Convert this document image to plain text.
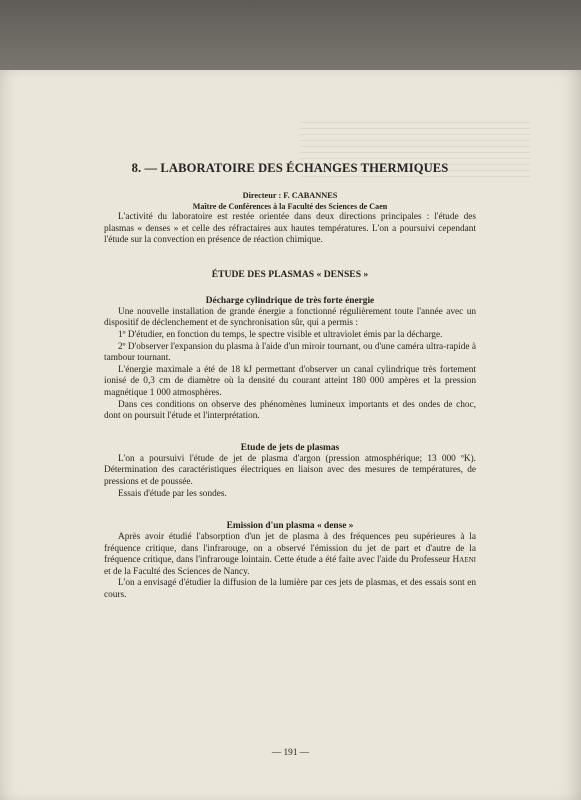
8. — LABORATOIRE DES ÉCHANGES THERMIQUES
Directeur : F. CABANNES
Maître de Conférences à la Faculté des Sciences de Caen

L'activité du laboratoire est restée orientée dans deux directions principales : l'étude des plasmas « denses » et celle des réfractaires aux hautes températures. L'on a poursuivi cependant l'étude sur la convection en présence de réaction chimique.

ÉTUDE DES PLASMAS « DENSES »
Décharge cylindrique de très forte énergie

Une nouvelle installation de grande énergie a fonctionné régulièrement toute l'année avec un dispositif de déclenchement et de synchronisation sûr, qui a permis :

1º D'étudier, en fonction du temps, le spectre visible et ultraviolet émis par la décharge.

2º D'observer l'expansion du plasma à l'aide d'un miroir tournant, ou d'une caméra ultra-rapide à tambour tournant.

L'énergie maximale a été de 18 kJ permettant d'observer un canal cylindrique très fortement ionisé de 0,3 cm de diamètre où la densité du courant atteint 180 000 ampères et la pression magnétique 1 000 atmosphères.

Dans ces conditions on observe des phénomènes lumineux importants et des ondes de choc, dont on poursuit l'étude et l'interprétation.

Etude de jets de plasmas

L'on a poursuivi l'étude de jet de plasma d'argon (pression atmosphérique; 13 000 ºK). Détermination des caractéristiques électriques en liaison avec des mesures de températures, de pressions et de poussée.

Essais d'étude par les sondes.

Emission d'un plasma « dense »

Après avoir étudié l'absorption d'un jet de plasma à des fréquences peu supérieures à la fréquence critique, dans l'infrarouge, on a observé l'émission du jet de part et d'autre de la fréquence critique, dans l'infrarouge lointain. Cette étude a été faite avec l'aide du Professeur Haeni et de la Faculté des Sciences de Nancy.

L'on a envisagé d'étudier la diffusion de la lumière par ces jets de plasmas, et des essais sont en cours.

— 191 —
